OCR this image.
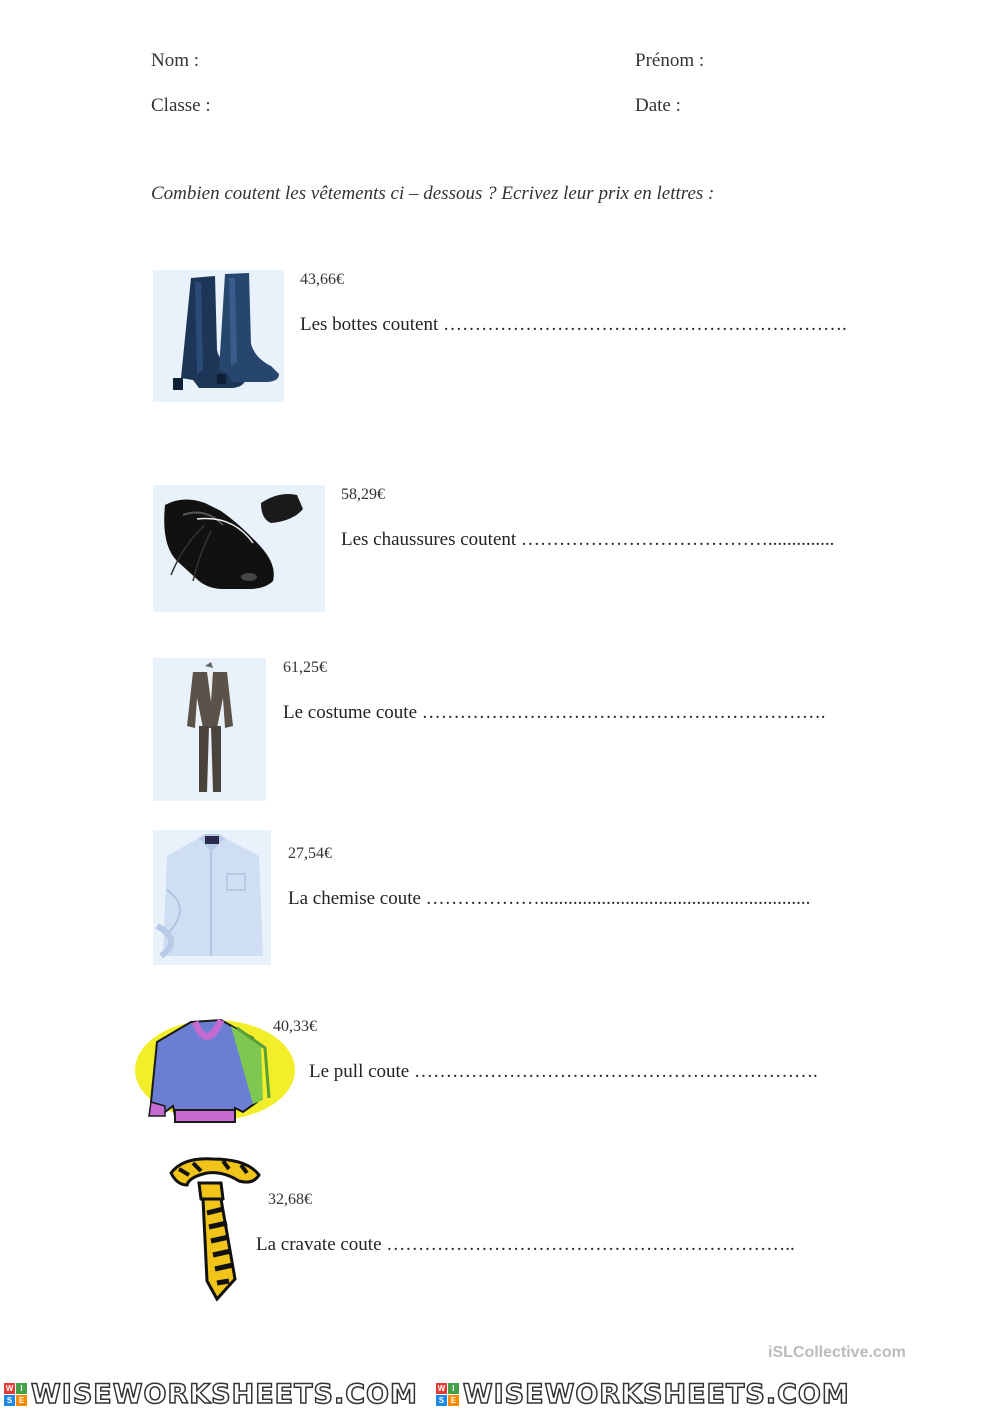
Nom :	Prénom :
Classe :	Date :
Combien coutent les vêtements ci – dessous ? Ecrivez leur prix en lettres :
43,66€
Les bottes coutent ……………………………………………………….
58,29€
Les chaussures coutent …………………………………..............
61,25€
Le costume coute ……………………………………………………….
27,54€
La chemise coute ……………….........................................................
40,33€
Le pull coute ……………………………………………………….
32,68€
La cravate coute ………………………………………………………..
iSLCollective.com
W I
S E WISEWORKSHEETS.COM W I
S E WISEWORKSHEETS.COM
